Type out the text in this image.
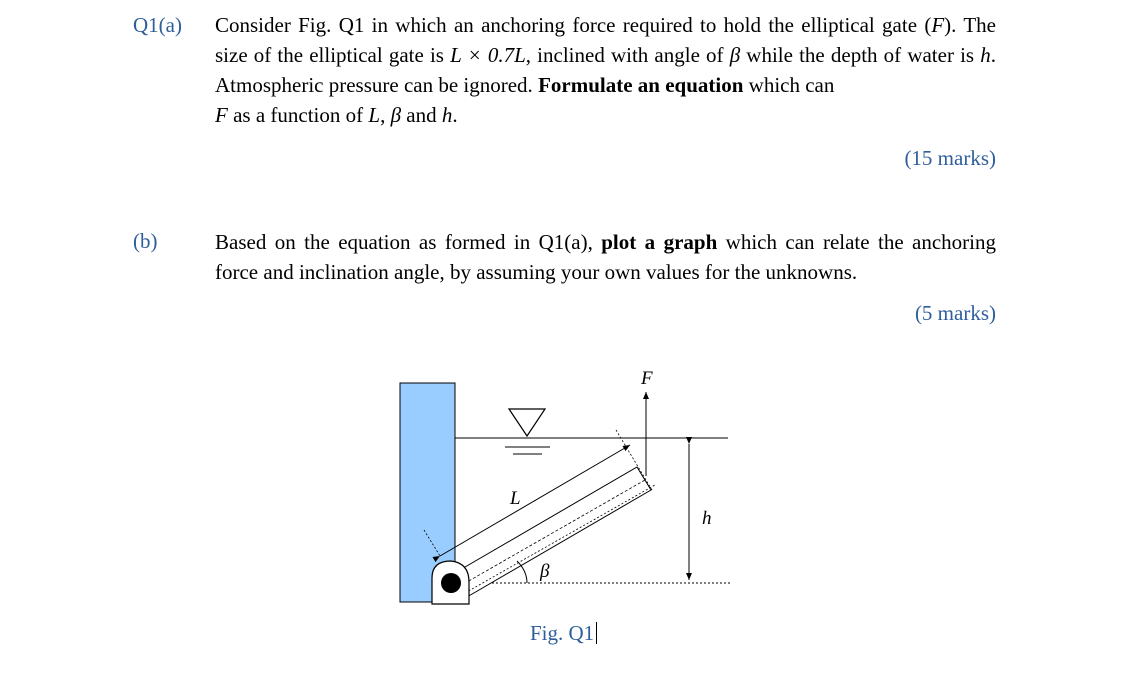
Q1(a) Consider Fig. Q1 in which an anchoring force required to hold the elliptical gate (F). The size of the elliptical gate is L × 0.7L, inclined with angle of β while the depth of water is h. Atmospheric pressure can be ignored. Formulate an equation which can
F as a function of L, β and h.

(15 marks)
(b)	Based on the equation as formed in Q1(a), plot a graph which can relate the anchoring force and inclination angle, by assuming your own values for the unknowns.

(5 marks)
L
F
h
β
Fig. Q1
